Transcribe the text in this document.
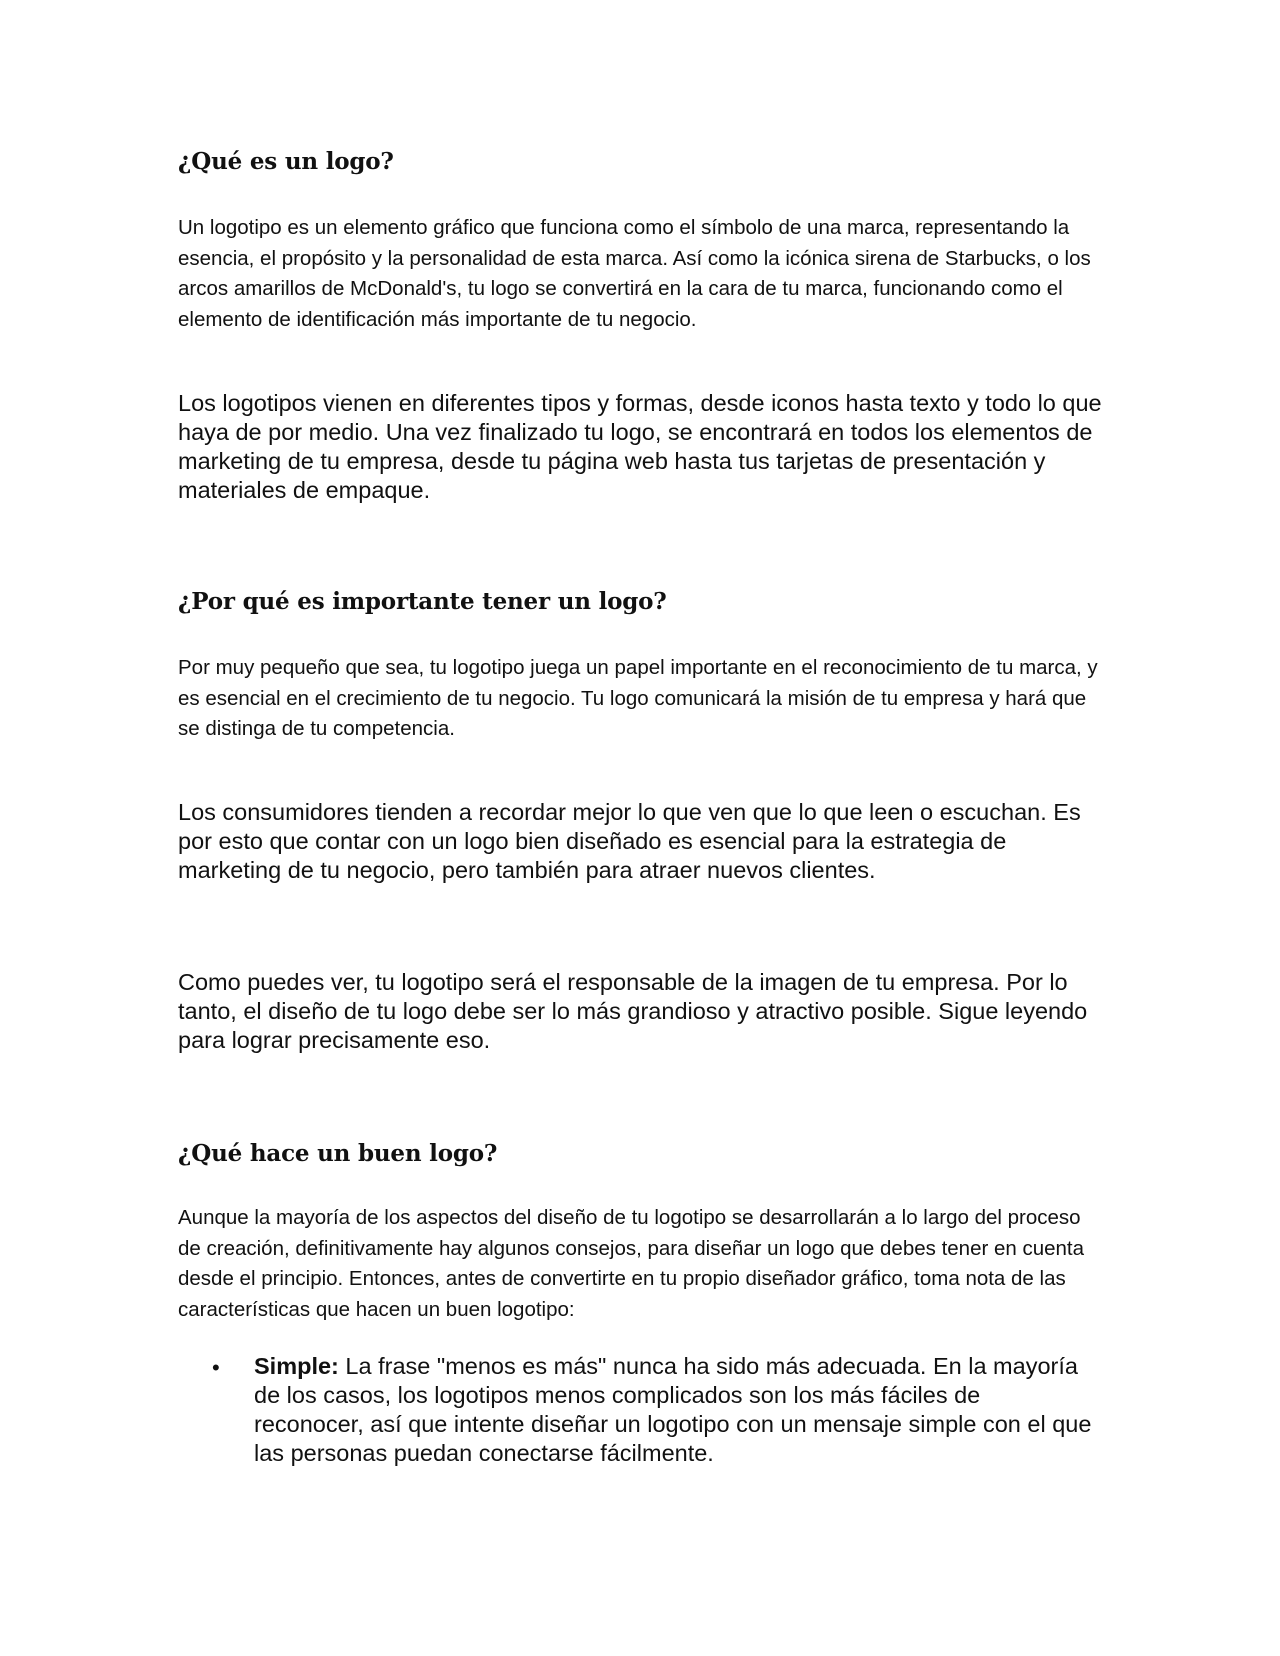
¿Qué es un logo?

Un logotipo es un elemento gráfico que funciona como el símbolo de una marca, representando la esencia, el propósito y la personalidad de esta marca. Así como la icónica sirena de Starbucks, o los arcos amarillos de McDonald's, tu logo se convertirá en la cara de tu marca, funcionando como el elemento de identificación más importante de tu negocio.

Los logotipos vienen en diferentes tipos y formas, desde iconos hasta texto y todo lo que haya de por medio. Una vez finalizado tu logo, se encontrará en todos los elementos de marketing de tu empresa, desde tu página web hasta tus tarjetas de presentación y materiales de empaque.

¿Por qué es importante tener un logo?

Por muy pequeño que sea, tu logotipo juega un papel importante en el reconocimiento de tu marca, y es esencial en el crecimiento de tu negocio. Tu logo comunicará la misión de tu empresa y hará que se distinga de tu competencia.

Los consumidores tienden a recordar mejor lo que ven que lo que leen o escuchan. Es por esto que contar con un logo bien diseñado es esencial para la estrategia de marketing de tu negocio, pero también para atraer nuevos clientes.

Como puedes ver, tu logotipo será el responsable de la imagen de tu empresa. Por lo tanto, el diseño de tu logo debe ser lo más grandioso y atractivo posible. Sigue leyendo para lograr precisamente eso.

¿Qué hace un buen logo?

Aunque la mayoría de los aspectos del diseño de tu logotipo se desarrollarán a lo largo del proceso de creación, definitivamente hay algunos consejos, para diseñar un logo que debes tener en cuenta desde el principio. Entonces, antes de convertirte en tu propio diseñador gráfico, toma nota de las características que hacen un buen logotipo:

• Simple: La frase "menos es más" nunca ha sido más adecuada. En la mayoría de los casos, los logotipos menos complicados son los más fáciles de reconocer, así que intente diseñar un logotipo con un mensaje simple con el que las personas puedan conectarse fácilmente.
